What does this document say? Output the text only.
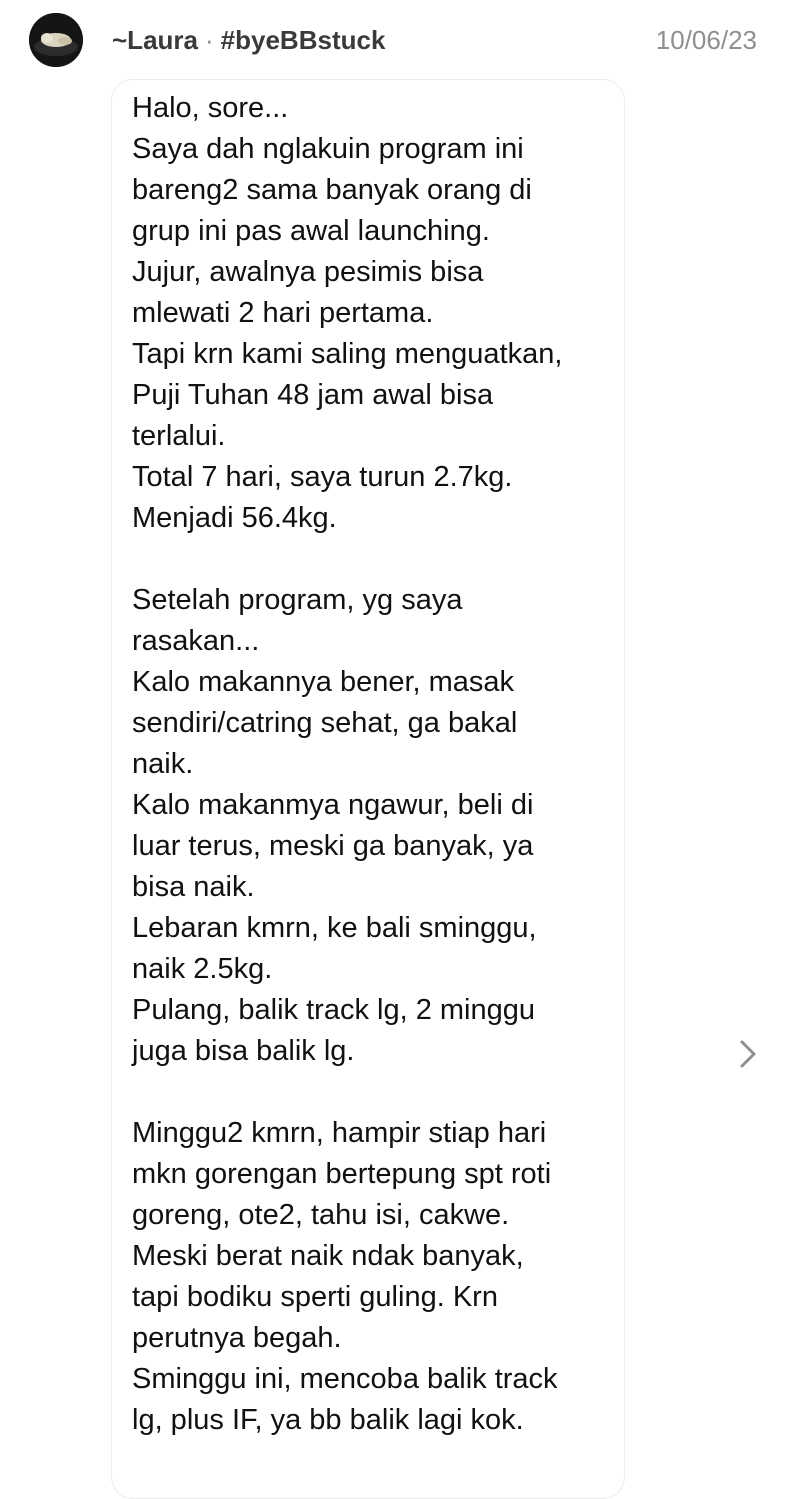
~Laura · #byeBBstuck	10/06/23

Halo, sore...
Saya dah nglakuin program ini
bareng2 sama banyak orang di
grup ini pas awal launching.
Jujur, awalnya pesimis bisa
mlewati 2 hari pertama.
Tapi krn kami saling menguatkan,
Puji Tuhan 48 jam awal bisa
terlalui.
Total 7 hari, saya turun 2.7kg.
Menjadi 56.4kg.

Setelah program, yg saya
rasakan...
Kalo makannya bener, masak
sendiri/catring sehat, ga bakal
naik.
Kalo makanmya ngawur, beli di
luar terus, meski ga banyak, ya
bisa naik.
Lebaran kmrn, ke bali sminggu,
naik 2.5kg.
Pulang, balik track lg, 2 minggu
juga bisa balik lg.

Minggu2 kmrn, hampir stiap hari
mkn gorengan bertepung spt roti
goreng, ote2, tahu isi, cakwe.
Meski berat naik ndak banyak,
tapi bodiku sperti guling. Krn
perutnya begah.
Sminggu ini, mencoba balik track
lg, plus IF, ya bb balik lagi kok.
